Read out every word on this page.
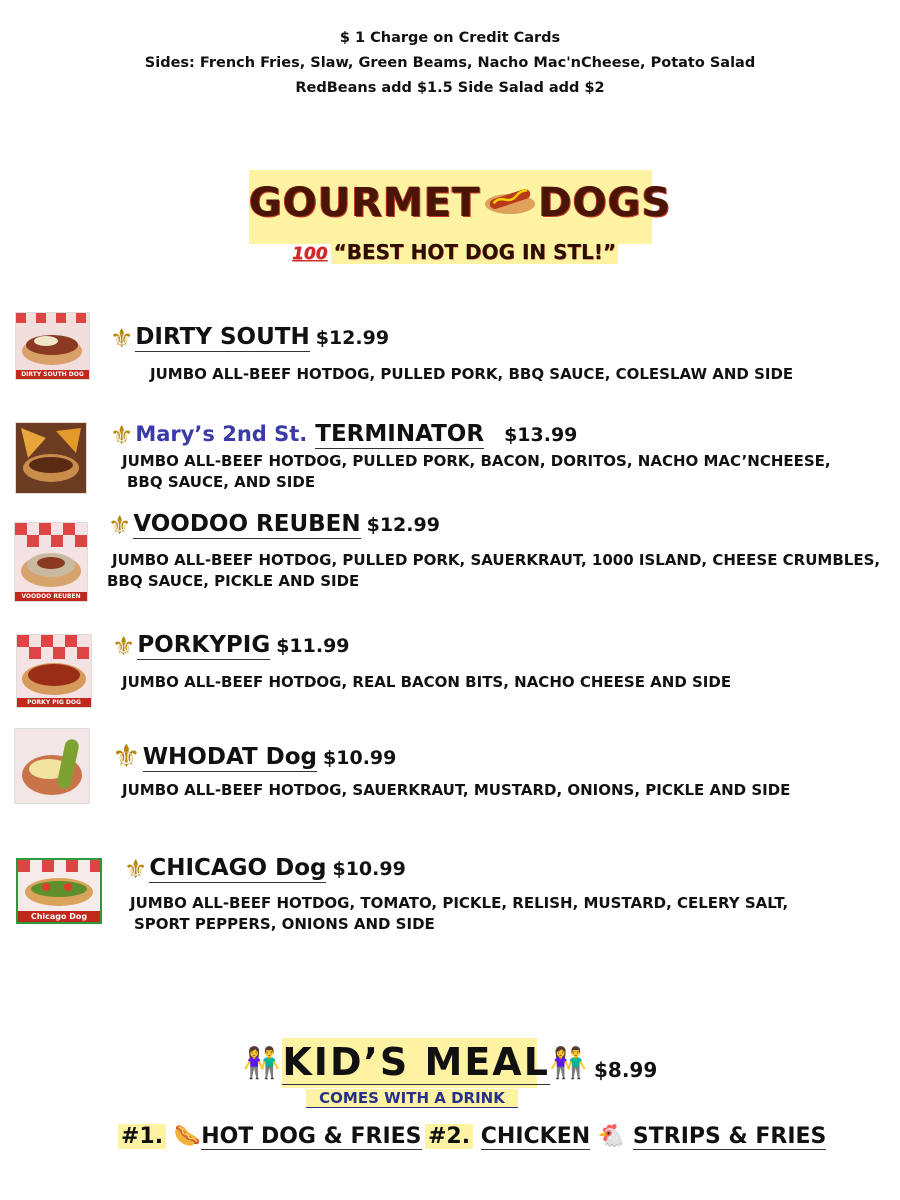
$ 1 Charge on Credit Cards
Sides: French Fries, Slaw, Green Beams, Nacho Mac'nCheese, Potato Salad
RedBeans add $1.5 Side Salad add $2
GOURMET DOGS
100 “BEST HOT DOG IN STL!”
DIRTY SOUTH DOG
⚜DIRTY SOUTH $12.99
JUMBO ALL-BEEF HOTDOG, PULLED PORK, BBQ SAUCE, COLESLAW AND SIDE
⚜Mary’s 2nd St. TERMINATOR $13.99
JUMBO ALL-BEEF HOTDOG, PULLED PORK, BACON, DORITOS, NACHO MAC’NCHEESE,
BBQ SAUCE, AND SIDE
VOODOO REUBEN
⚜VOODOO REUBEN $12.99
JUMBO ALL-BEEF HOTDOG, PULLED PORK, SAUERKRAUT, 1000 ISLAND, CHEESE CRUMBLES,
BBQ SAUCE, PICKLE AND SIDE
PORKY PIG DOG
⚜PORKYPIG $11.99
JUMBO ALL-BEEF HOTDOG, REAL BACON BITS, NACHO CHEESE AND SIDE
⚜WHODAT Dog $10.99
JUMBO ALL-BEEF HOTDOG, SAUERKRAUT, MUSTARD, ONIONS, PICKLE AND SIDE
Chicago Dog
⚜CHICAGO Dog $10.99
JUMBO ALL-BEEF HOTDOG, TOMATO, PICKLE, RELISH, MUSTARD, CELERY SALT,
SPORT PEPPERS, ONIONS AND SIDE
👫KID’S MEAL👫 $8.99
COMES WITH A DRINK
#1. 🌭HOT DOG & FRIES #2. CHICKEN 🐔 STRIPS & FRIES
